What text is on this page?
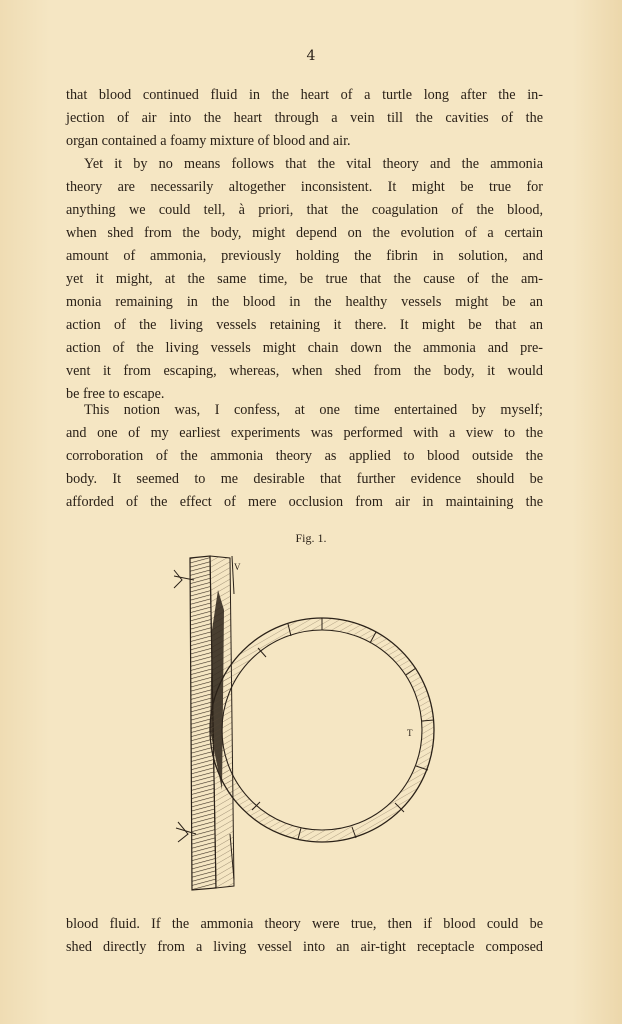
4
that blood continued fluid in the heart of a turtle long after the in-
jection of air into the heart through a vein till the cavities of the
organ contained a foamy mixture of blood and air.
Yet it by no means follows that the vital theory and the ammonia
theory are necessarily altogether inconsistent. It might be true for
anything we could tell, à priori, that the coagulation of the blood,
when shed from the body, might depend on the evolution of a certain
amount of ammonia, previously holding the fibrin in solution, and
yet it might, at the same time, be true that the cause of the am-
monia remaining in the blood in the healthy vessels might be an
action of the living vessels retaining it there. It might be that an
action of the living vessels might chain down the ammonia and pre-
vent it from escaping, whereas, when shed from the body, it would
be free to escape.
This notion was, I confess, at one time entertained by myself;
and one of my earliest experiments was performed with a view to the
corroboration of the ammonia theory as applied to blood outside the
body. It seemed to me desirable that further evidence should be
afforded of the effect of mere occlusion from air in maintaining the
Fig. 1.
V
T
blood fluid. If the ammonia theory were true, then if blood could be
shed directly from a living vessel into an air-tight receptacle composed
